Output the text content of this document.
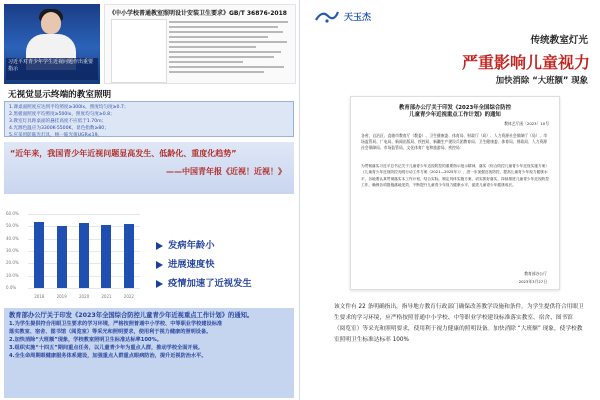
习近平对青少年学生近视问题作出重要指示
《中小学校普通教室照明设计安装卫生要求》GB/T 36876-2018
无视觉显示终端的教室照明
1.课桌面照度应达到平均照度≥300lx，照度均匀度≥0.7；
2.黑板面照度平均照度≥500lx，照度均匀度≥0.8；
3.教室灯具距桌面的悬挂高度不应低于1.70m；
4.光源色温应为3300K-5500K，显色指数≥80；
5.应采用防眩光灯具，统一眩光值UGR≤19。
“近年来，我国青少年近视问题显高发生、低龄化、重度化趋势”
——中国青年报《近视！近视！》
0.0%
10.0%
20.0%
30.0%
40.0%
50.0%
60.0%
2018	2019	2020	2021	2022
发病年龄小
进展速度快
疫情加速了近视发生
教育部办公厅关于印发《2023年全国综合防控儿童青少年近视重点工作计划》的通知。
1.为学生提供符合用眼卫生要求的学习环境，严格按照普通中小学校、中等职业学校建设标准
落实教室、宿舍、图书馆（阅览室）等采光和照明要求，使用利于视力健康的照明设备。
2.加快消除“大班额”现象，学校教室照明卫生标准达标率100%。
3.组织实施“十四五”期间重点任务，以儿童青少年为重点人群，推动学校全面开展。
4.全生命周期眼健康服务体系建设，加强重点人群重点眼病防治，提升近视防治水平。
天玉杰
传统教室灯光
严重影响儿童视力
加快消除 “大班额” 现象
教育部办公厅关于印发《2023年全国综合防控
儿童青少年近视重点工作计划》的通知
教体艺厅函〔2023〕10号
各省、自治区、直辖市教育厅（教委）、卫生健康委、体育局、财政厅（局）、人力资源社会保障厅（局）、市场监管局、广电局、新闻出版局、疾控局，新疆生产建设兵团教育局、卫生健康委、体育局、财政局、人力资源社会保障局、市场监管局、文化体育广电和旅游局、疾控局：
为贯彻落实习近平总书记关于儿童青少年近视防控的重要指示批示精神，落实《综合防控儿童青少年近视实施方案》《儿童青少年近视防控光明行动工作方案（2021—2025年）》，进一步加强近视防控，提高儿童青少年视力健康水平，各地要认真贯彻落实本工作计划，结合实际，制定具体实施方案，切实抓好落实，持续推进儿童青少年近视防控工作，确保各项措施落地见效，不断提升儿童青少年视力健康水平，促进儿童青少年健康成长。
教育部办公厅
2023年3月27日
该文件有 22 条明确指出，指导地方教育行政部门确保改善教学设施和条件，为学生提供符合用眼卫生要求的学习环境，应严格按照普通中小学校、中等职业学校建设标准落实教室、宿舍、图书馆（阅览室）等采光和照明要求，使用利于视力健康的照明设备。加快消除 “大班额” 现象，使学校教室照明卫生标准达标率 100%
